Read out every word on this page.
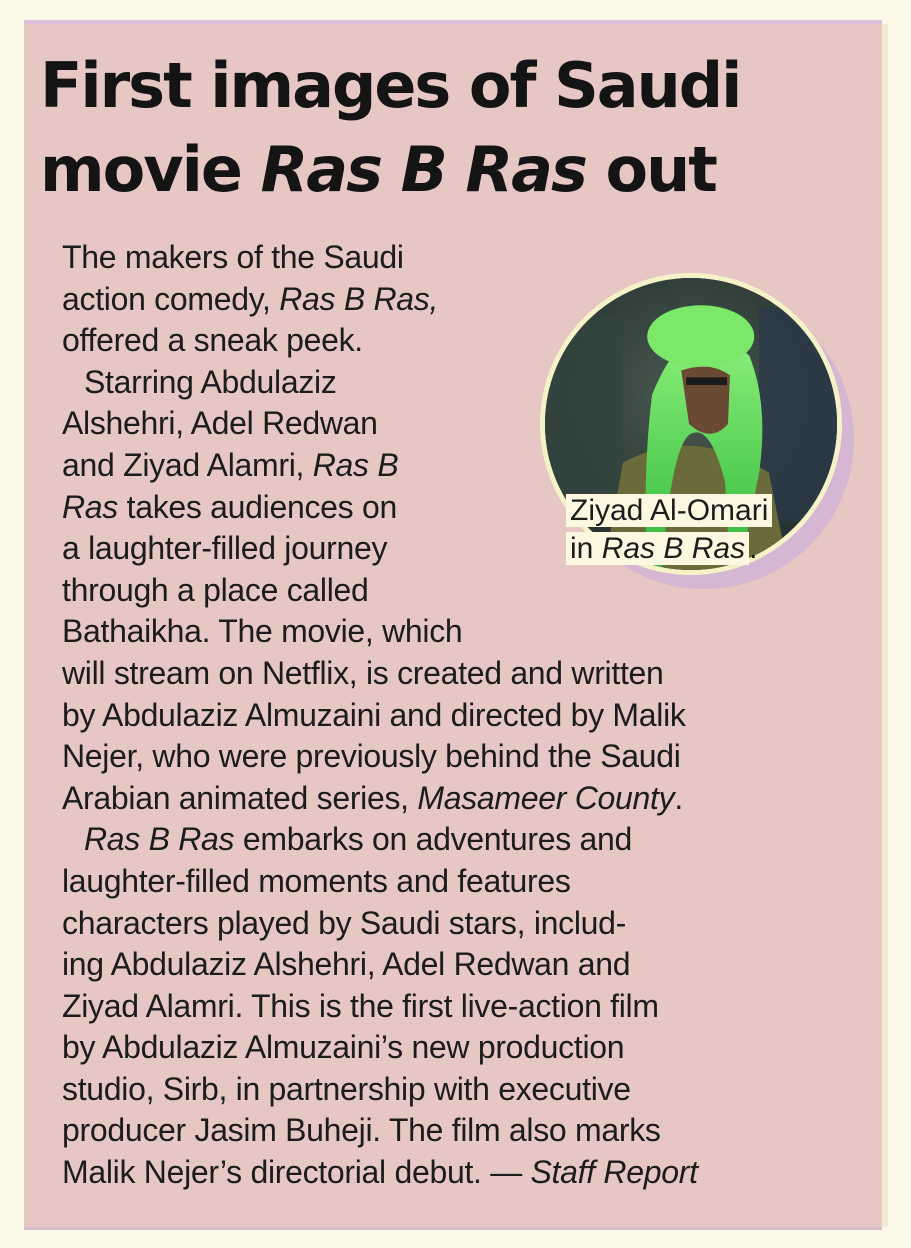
First images of Saudi
movie Ras B Ras out
The makers of the Saudi
action comedy, Ras B Ras,
offered a sneak peek.
Starring Abdulaziz
Alshehri, Adel Redwan
and Ziyad Alamri, Ras B
Ras takes audiences on
a laughter-filled journey
through a place called
Bathaikha. The movie, which
will stream on Netflix, is created and written
by Abdulaziz Almuzaini and directed by Malik
Nejer, who were previously behind the Saudi
Arabian animated series, Masameer County.
Ras B Ras embarks on adventures and
laughter-filled moments and features
characters played by Saudi stars, includ-
ing Abdulaziz Alshehri, Adel Redwan and
Ziyad Alamri. This is the first live-action film
by Abdulaziz Almuzaini’s new production
studio, Sirb, in partnership with executive
producer Jasim Buheji. The film also marks
Malik Nejer’s directorial debut. — Staff Report
Ziyad Al-Omari
in Ras B Ras .
